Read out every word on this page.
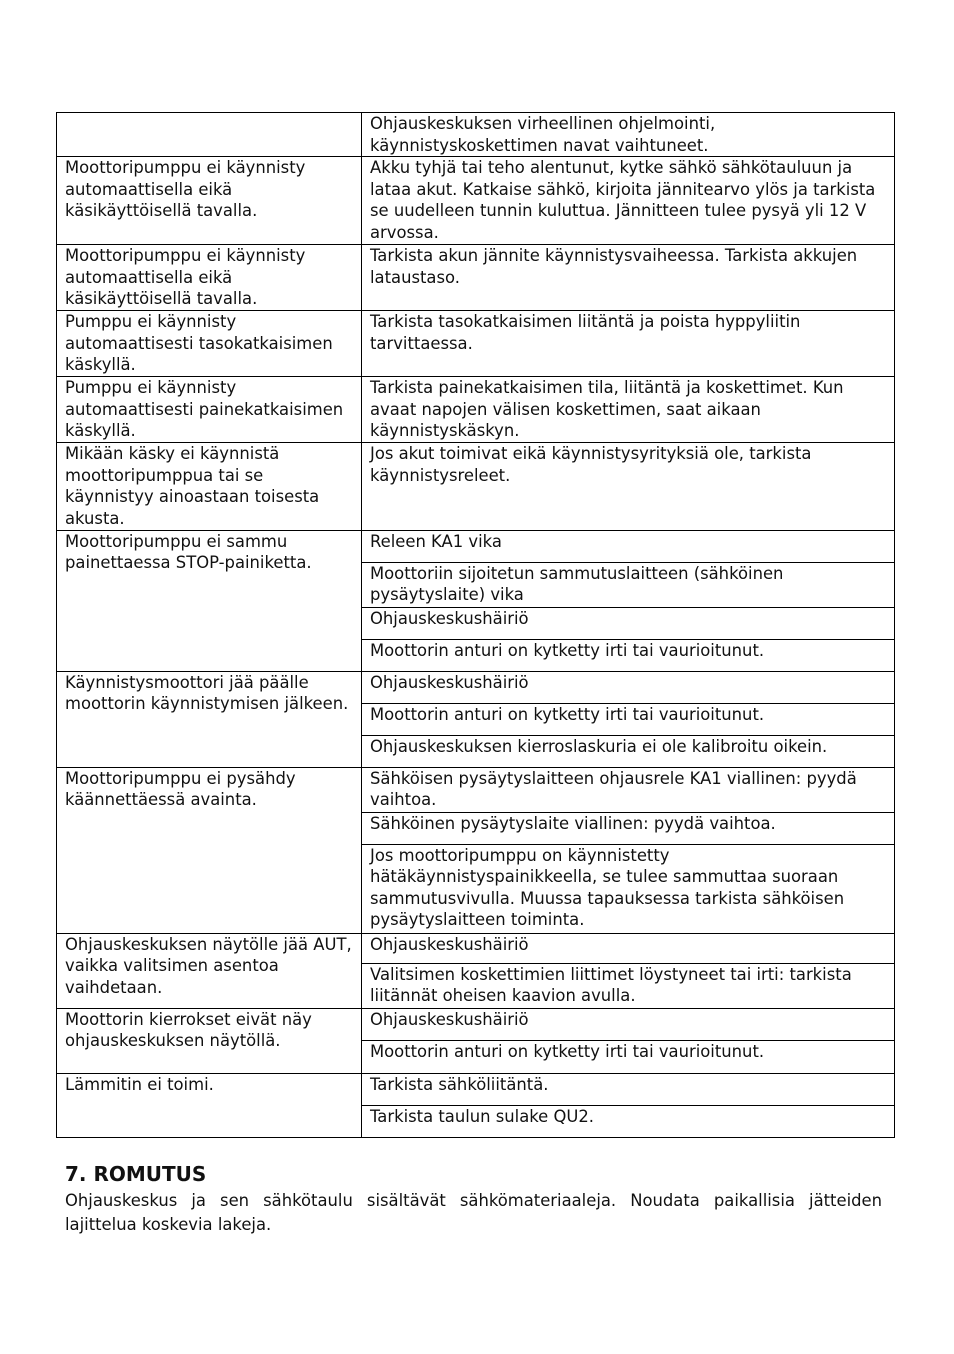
	Ohjauskeskuksen virheellinen ohjelmointi, käynnistyskoskettimen navat vaihtuneet.
Moottoripumppu ei käynnisty automaattisella eikä käsikäyttöisellä tavalla.	Akku tyhjä tai teho alentunut, kytke sähkö sähkötauluun ja lataa akut. Katkaise sähkö, kirjoita jännitearvo ylös ja tarkista se uudelleen tunnin kuluttua. Jännitteen tulee pysyä yli 12 V arvossa.
Moottoripumppu ei käynnisty automaattisella eikä käsikäyttöisellä tavalla.	Tarkista akun jännite käynnistysvaiheessa. Tarkista akkujen lataustaso.
Pumppu ei käynnisty automaattisesti tasokatkaisimen käskyllä.	Tarkista tasokatkaisimen liitäntä ja poista hyppyliitin tarvittaessa.
Pumppu ei käynnisty automaattisesti painekatkaisimen käskyllä.	Tarkista painekatkaisimen tila, liitäntä ja koskettimet. Kun avaat napojen välisen koskettimen, saat aikaan käynnistyskäskyn.
Mikään käsky ei käynnistä moottoripumppua tai se käynnistyy ainoastaan toisesta akusta.	Jos akut toimivat eikä käynnistysyrityksiä ole, tarkista käynnistysreleet.
Moottoripumppu ei sammu painettaessa STOP-painiketta.	Releen KA1 vika
	Moottoriin sijoitetun sammutuslaitteen (sähköinen pysäytyslaite) vika
	Ohjauskeskushäiriö
	Moottorin anturi on kytketty irti tai vaurioitunut.
Käynnistysmoottori jää päälle moottorin käynnistymisen jälkeen.	Ohjauskeskushäiriö
	Moottorin anturi on kytketty irti tai vaurioitunut.
	Ohjauskeskuksen kierroslaskuria ei ole kalibroitu oikein.
Moottoripumppu ei pysähdy käännettäessä avainta.	Sähköisen pysäytyslaitteen ohjausrele KA1 viallinen: pyydä vaihtoa.
	Sähköinen pysäytyslaite viallinen: pyydä vaihtoa.
	Jos moottoripumppu on käynnistetty hätäkäynnistyspainikkeella, se tulee sammuttaa suoraan sammutusvivulla. Muussa tapauksessa tarkista sähköisen pysäytyslaitteen toiminta.
Ohjauskeskuksen näytölle jää AUT, vaikka valitsimen asentoa vaihdetaan.	Ohjauskeskushäiriö
	Valitsimen koskettimien liittimet löystyneet tai irti: tarkista liitännät oheisen kaavion avulla.
Moottorin kierrokset eivät näy ohjauskeskuksen näytöllä.	Ohjauskeskushäiriö
	Moottorin anturi on kytketty irti tai vaurioitunut.
Lämmitin ei toimi.	Tarkista sähköliitäntä.
	Tarkista taulun sulake QU2.
7. ROMUTUS

Ohjauskeskus ja sen sähkötaulu sisältävät sähkömateriaaleja. Noudata paikallisia jätteiden lajittelua koskevia lakeja.
